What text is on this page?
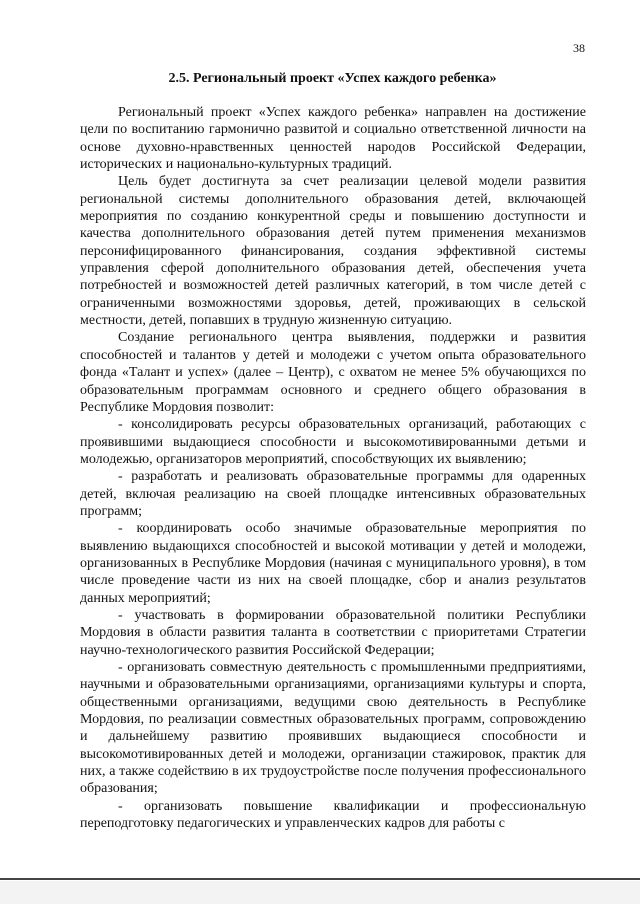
38
2.5. Региональный проект «Успех каждого ребенка»

Региональный проект «Успех каждого ребенка» направлен на достижение цели по воспитанию гармонично развитой и социально ответственной личности на основе духовно-нравственных ценностей народов Российской Федерации, исторических и национально-культурных традиций.

Цель будет достигнута за счет реализации целевой модели развития региональной системы дополнительного образования детей, включающей мероприятия по созданию конкурентной среды и повышению доступности и качества дополнительного образования детей путем применения механизмов персонифицированного финансирования, создания эффективной системы управления сферой дополнительного образования детей, обеспечения учета потребностей и возможностей детей различных категорий, в том числе детей с ограниченными возможностями здоровья, детей, проживающих в сельской местности, детей, попавших в трудную жизненную ситуацию.

Создание регионального центра выявления, поддержки и развития способностей и талантов у детей и молодежи с учетом опыта образовательного фонда «Талант и успех» (далее – Центр), с охватом не менее 5% обучающихся по образовательным программам основного и среднего общего образования в Республике Мордовия позволит:

- консолидировать ресурсы образовательных организаций, работающих с проявившими выдающиеся способности и высокомотивированными детьми и молодежью, организаторов мероприятий, способствующих их выявлению;

- разработать и реализовать образовательные программы для одаренных детей, включая реализацию на своей площадке интенсивных образовательных программ;

- координировать особо значимые образовательные мероприятия по выявлению выдающихся способностей и высокой мотивации у детей и молодежи, организованных в Республике Мордовия (начиная с муниципального уровня), в том числе проведение части из них на своей площадке, сбор и анализ результатов данных мероприятий;

- участвовать в формировании образовательной политики Республики Мордовия в области развития таланта в соответствии с приоритетами Стратегии научно-технологического развития Российской Федерации;

- организовать совместную деятельность с промышленными предприятиями, научными и образовательными организациями, организациями культуры и спорта, общественными организациями, ведущими свою деятельность в Республике Мордовия, по реализации совместных образовательных программ, сопровождению и дальнейшему развитию проявивших выдающиеся способности и высокомотивированных детей и молодежи, организации стажировок, практик для них, а также содействию в их трудоустройстве после получения профессионального образования;

- организовать повышение квалификации и профессиональную переподготовку педагогических и управленческих кадров для работы с
